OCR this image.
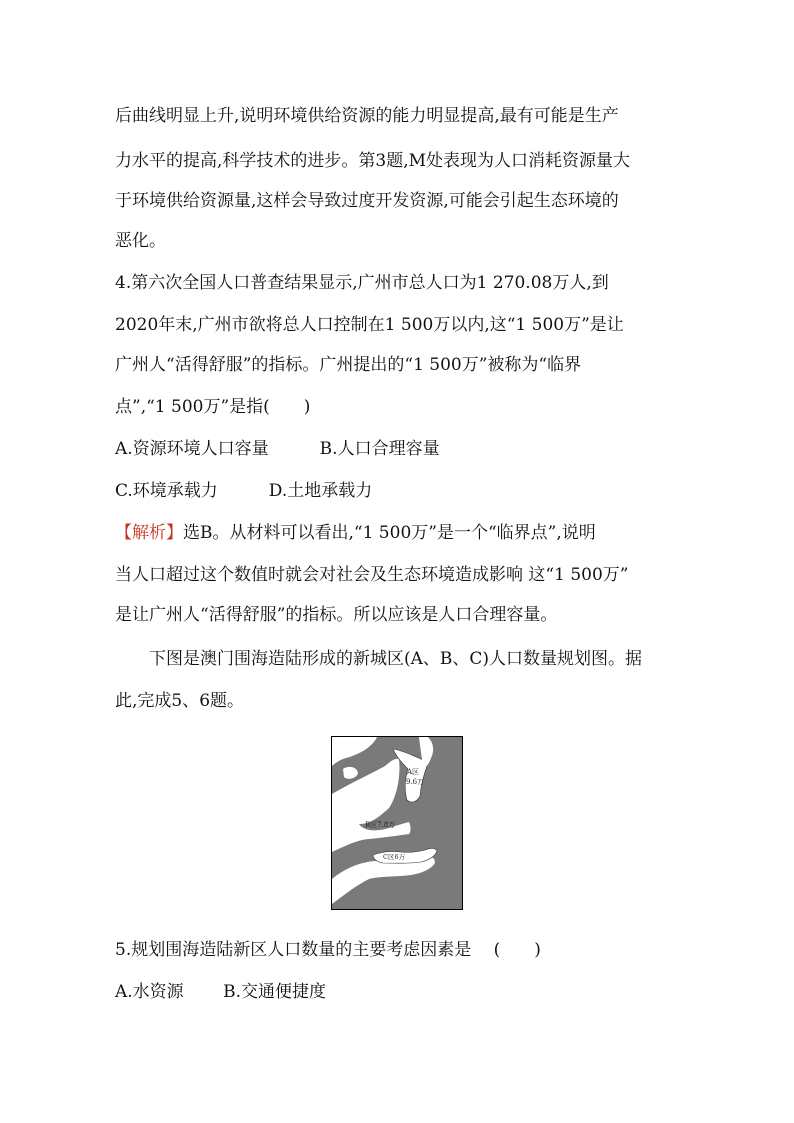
后曲线明显上升,说明环境供给资源的能力明显提高,最有可能是生产
力水平的提高,科学技术的进步。第3题,M处表现为人口消耗资源量大
于环境供给资源量,这样会导致过度开发资源,可能会引起生态环境的
恶化。
4.第六次全国人口普查结果显示,广州市总人口为1 270.08万人,到
2020年末,广州市欲将总人口控制在1 500万以内,这“1 500万”是让
广州人“活得舒服”的指标。广州提出的“1 500万”被称为“临界
点”,“1 500万”是指(　　)
A.资源环境人口容量　　　B.人口合理容量
C.环境承载力　　　D.土地承载力
【解析】选B。从材料可以看出,“1 500万”是一个“临界点”,说明
当人口超过这个数值时就会对社会及生态环境造成影响 这“1 500万”
是让广州人“活得舒服”的指标。所以应该是人口合理容量。
　　下图是澳门围海造陆形成的新城区(A、B、C)人口数量规划图。据
此,完成5、6题。
A区
9.6万
B区7.8万
C区6万
5.规划围海造陆新区人口数量的主要考虑因素是　 (　　)
A.水资源　　 B.交通便捷度
